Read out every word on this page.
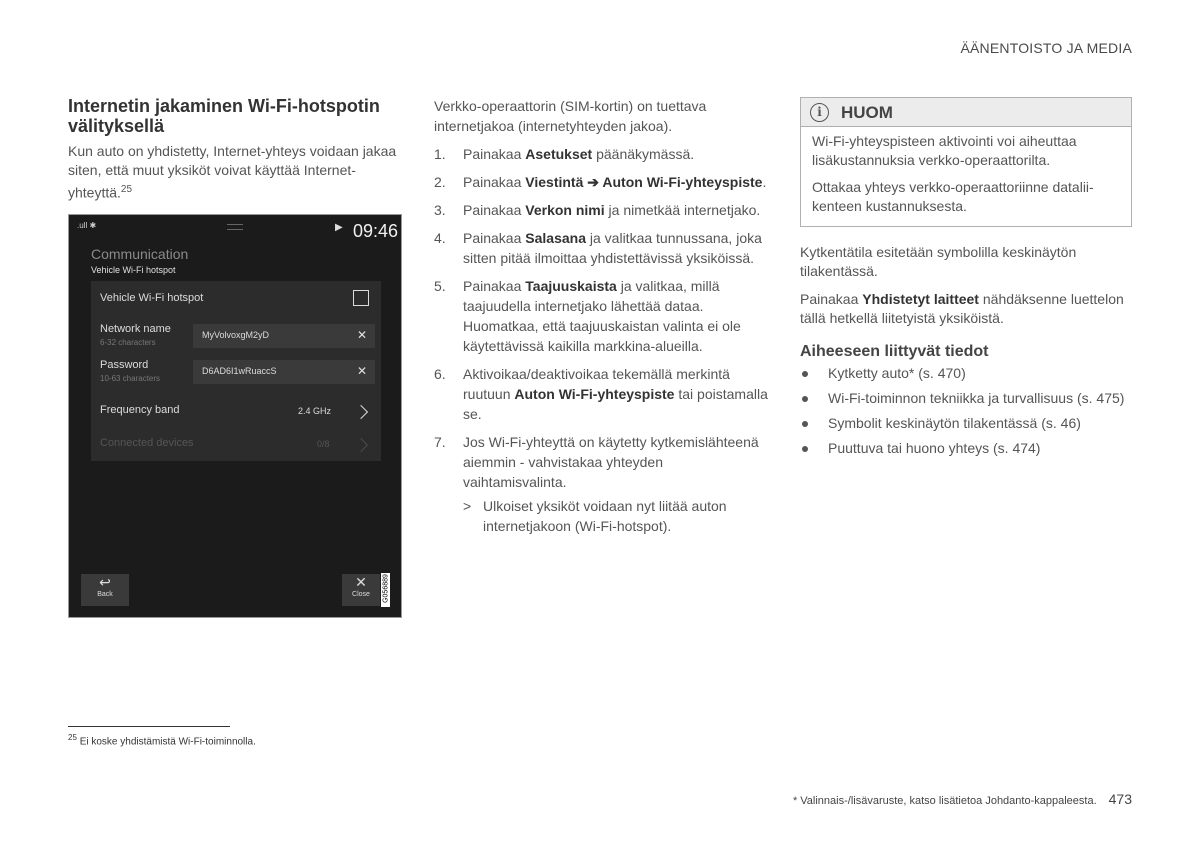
ÄÄNENTOISTO JA MEDIA
Internetin jakaminen Wi-Fi-hotspotin välityksellä

Kun auto on yhdistetty, Internet-yhteys voidaan jakaa siten, että muut yksiköt voivat käyttää Internet-yhteyttä.$^{25}$

.ull ✱	▶ 09:46
Communication
Vehicle Wi-Fi hotspot
Vehicle Wi-Fi hotspot
Network name
6-32 characters
MyVolvoxgM2yD	✕
Password
10-63 characters
D6AD6I1wRuaccS	✕
Frequency band	2.4 GHz
Connected devices	0/8
↩
Back
✕
Close	G056889

Verkko-operaattorin (SIM-kortin) on tuettava internetjakoa (internetyhteyden jakoa).

1. Painakaa Asetukset päänäkymässä.
2. Painakaa Viestintä ➔ Auton Wi-Fi-yhteyspiste.
3. Painakaa Verkon nimi ja nimetkää internetjako.
4. Painakaa Salasana ja valitkaa tunnussana, joka sitten pitää ilmoittaa yhdistettävissä yksiköissä.
5. Painakaa Taajuuskaista ja valitkaa, millä taajuudella internetjako lähettää dataa. Huomatkaa, että taajuuskaistan valinta ei ole käytettävissä kaikilla markkina-alueilla.
6. Aktivoikaa/deaktivoikaa tekemällä merkintä ruutuun Auton Wi-Fi-yhteyspiste tai poistamalla se.
7. Jos Wi-Fi-yhteyttä on käytetty kytkemislähteenä aiemmin - vahvistakaa yhteyden vaihtamisvalinta.
> Ulkoiset yksiköt voidaan nyt liitää auton internetjakoon (Wi-Fi-hotspot).
i	HUOM

Wi-Fi-yhteyspisteen aktivointi voi aiheuttaa lisäkustannuksia verkko-operaattorilta.

Ottakaa yhteys verkko-operaattoriinne dataliikenteen kustannuksesta.

Kytkentätila esitetään symbolilla keskinäytön tilakentässä.

Painakaa Yhdistetyt laitteet nähdäksenne luettelon tällä hetkellä liitetyistä yksiköistä.

Aiheeseen liittyvät tiedot
Kytketty auto* (s. 470)
Wi-Fi-toiminnon tekniikka ja turvallisuus (s. 475)
Symbolit keskinäytön tilakentässä (s. 46)
Puuttuva tai huono yhteys (s. 474)
$^{25}$ Ei koske yhdistämistä Wi-Fi-toiminnolla.
* Valinnais-/lisävaruste, katso lisätietoa Johdanto-kappaleesta. 473
